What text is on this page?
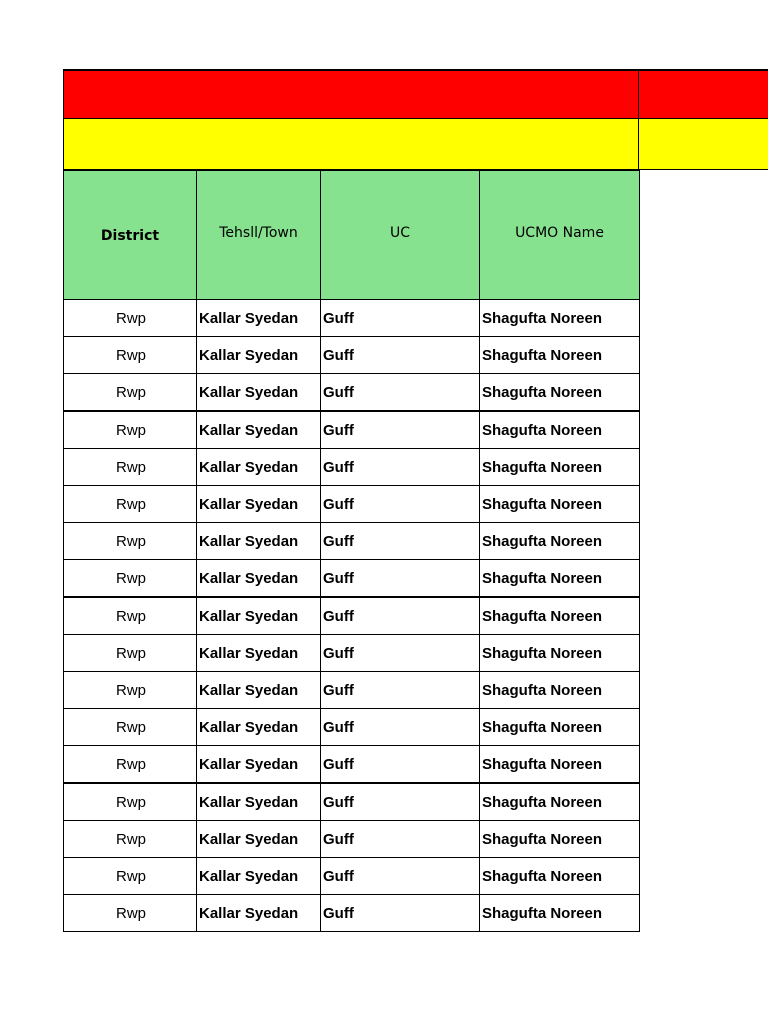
District	Tehsll/Town	UC	UCMO Name
Rwp	Kallar Syedan	Guff	Shagufta Noreen
Rwp	Kallar Syedan	Guff	Shagufta Noreen
Rwp	Kallar Syedan	Guff	Shagufta Noreen
Rwp	Kallar Syedan	Guff	Shagufta Noreen
Rwp	Kallar Syedan	Guff	Shagufta Noreen
Rwp	Kallar Syedan	Guff	Shagufta Noreen
Rwp	Kallar Syedan	Guff	Shagufta Noreen
Rwp	Kallar Syedan	Guff	Shagufta Noreen
Rwp	Kallar Syedan	Guff	Shagufta Noreen
Rwp	Kallar Syedan	Guff	Shagufta Noreen
Rwp	Kallar Syedan	Guff	Shagufta Noreen
Rwp	Kallar Syedan	Guff	Shagufta Noreen
Rwp	Kallar Syedan	Guff	Shagufta Noreen
Rwp	Kallar Syedan	Guff	Shagufta Noreen
Rwp	Kallar Syedan	Guff	Shagufta Noreen
Rwp	Kallar Syedan	Guff	Shagufta Noreen
Rwp	Kallar Syedan	Guff	Shagufta Noreen
